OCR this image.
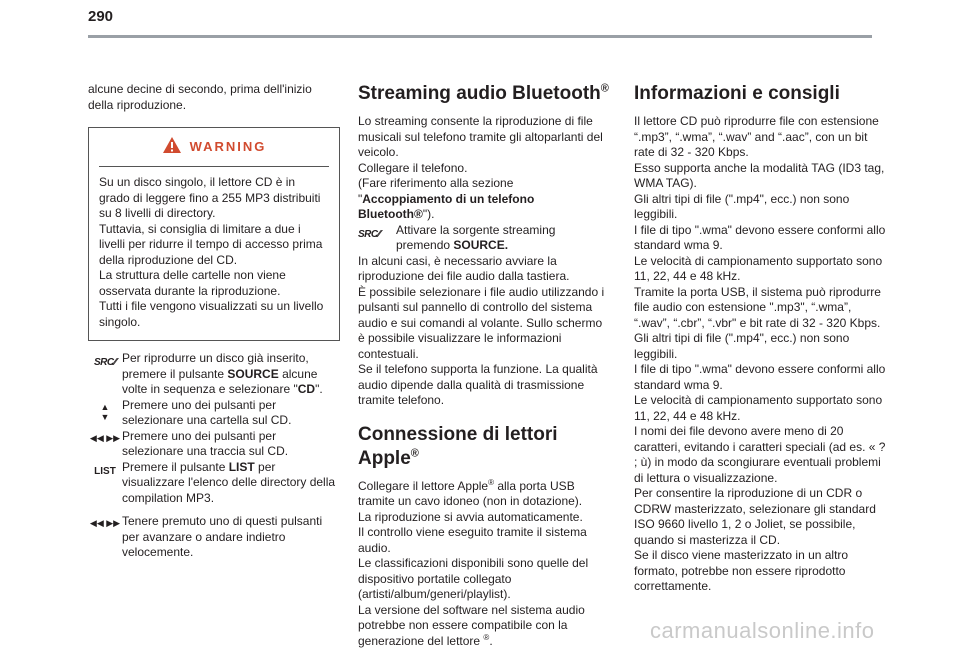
290

alcune decine di secondo, prima dell'inizio della riproduzione.

WARNING

Su un disco singolo, il lettore CD è in grado di leggere fino a 255 MP3 distribuiti su 8 livelli di directory.

Tuttavia, si consiglia di limitare a due i livelli per ridurre il tempo di accesso prima della riproduzione del CD.

La struttura delle cartelle non viene osservata durante la riproduzione.

Tutti i file vengono visualizzati su un livello singolo.

SRC⁄⁄ Per riprodurre un disco già inserito, premere il pulsante SOURCE alcune volte in sequenza e selezionare "CD".
▲
▼
Premere uno dei pulsanti per selezionare una cartella sul CD.
◀◀ ▶▶ Premere uno dei pulsanti per selezionare una traccia sul CD.
LIST Premere il pulsante LIST per visualizzare l'elenco delle directory della compilation MP3.
◀◀ ▶▶ Tenere premuto uno di questi pulsanti per avanzare o andare indietro velocemente.
Streaming audio Bluetooth®

Lo streaming consente la riproduzione di file musicali sul telefono tramite gli altoparlanti del veicolo.

Collegare il telefono.

(Fare riferimento alla sezione "Accoppiamento di un telefono Bluetooth®").

SRC⁄⁄ Attivare la sorgente streaming premendo SOURCE.

In alcuni casi, è necessario avviare la riproduzione dei file audio dalla tastiera.

È possibile selezionare i file audio utilizzando i pulsanti sul pannello di controllo del sistema audio e sui comandi al volante. Sullo schermo è possibile visualizzare le informazioni contestuali.

Se il telefono supporta la funzione. La qualità audio dipende dalla qualità di trasmissione tramite telefono.

Connessione di lettori Apple®

Collegare il lettore Apple® alla porta USB tramite un cavo idoneo (non in dotazione).

La riproduzione si avvia automaticamente.

Il controllo viene eseguito tramite il sistema audio.

Le classificazioni disponibili sono quelle del dispositivo portatile collegato (artisti/album/generi/playlist).

La versione del software nel sistema audio potrebbe non essere compatibile con la generazione del lettore ®.

Informazioni e consigli

Il lettore CD può riprodurre file con estensione “.mp3”, “.wma”, “.wav” and “.aac”, con un bit rate di 32 - 320 Kbps.

Esso supporta anche la modalità TAG (ID3 tag, WMA TAG).

Gli altri tipi di file (".mp4", ecc.) non sono leggibili.

I file di tipo ".wma" devono essere conformi allo standard wma 9.

Le velocità di campionamento supportato sono 11, 22, 44 e 48 kHz.

Tramite la porta USB, il sistema può riprodurre file audio con estensione ".mp3", “.wma”, “.wav”, “.cbr”, “.vbr" e bit rate di 32 - 320 Kbps.

Gli altri tipi di file (".mp4", ecc.) non sono leggibili.

I file di tipo ".wma" devono essere conformi allo standard wma 9.

Le velocità di campionamento supportato sono 11, 22, 44 e 48 kHz.

I nomi dei file devono avere meno di 20 caratteri, evitando i caratteri speciali (ad es. « ? ; ù) in modo da scongiurare eventuali problemi di lettura o visualizzazione.

Per consentire la riproduzione di un CDR o CDRW masterizzato, selezionare gli standard ISO 9660 livello 1, 2 o Joliet, se possibile, quando si masterizza il CD.

Se il disco viene masterizzato in un altro formato, potrebbe non essere riprodotto correttamente.

carmanualsonline.info
